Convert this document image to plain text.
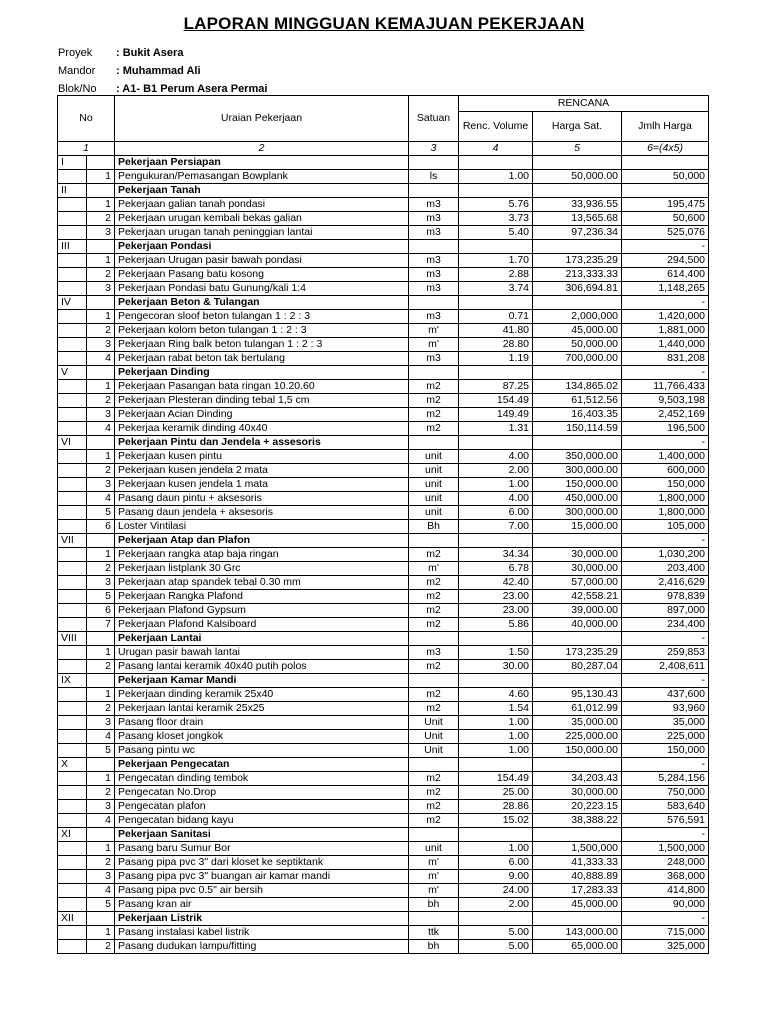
LAPORAN MINGGUAN KEMAJUAN PEKERJAAN
Proyek : Bukit Asera
Mandor : Muhammad Ali
Blok/No : A1- B1 Perum Asera Permai
No		Uraian Pekerjaan	Satuan	RENCANA		
				Renc. Volume	Harga Sat.	Jmlh Harga
1		2	3	4	5	6=(4x5)
I		Pekerjaan Persiapan				
	1	Pengukuran/Pemasangan Bowplank	ls	1.00	50,000.00	50,000
II		Pekerjaan Tanah				
	1	Pekerjaan galian tanah pondasi	m3	5.76	33,936.55	195,475
	2	Pekerjaan urugan kembali bekas galian	m3	3.73	13,565.68	50,600
	3	Pekerjaan urugan tanah peninggian lantai	m3	5.40	97,236.34	525,076
III		Pekerjaan Pondasi				-
	1	Pekerjaan Urugan pasir bawah pondasi	m3	1.70	173,235.29	294,500
	2	Pekerjaan Pasang batu kosong	m3	2.88	213,333.33	614,400
	3	Pekerjaan Pondasi batu Gunung/kali 1:4	m3	3.74	306,694.81	1,148,265
IV		Pekerjaan Beton & Tulangan				-
	1	Pengecoran sloof beton tulangan 1 : 2 : 3	m3	0.71	2,000,000	1,420,000
	2	Pekerjaan kolom beton tulangan 1 : 2 : 3	m'	41.80	45,000.00	1,881,000
	3	Pekerjaan Ring balk beton tulangan 1 : 2 : 3	m'	28.80	50,000.00	1,440,000
	4	Pekerjaan rabat beton tak bertulang	m3	1.19	700,000.00	831,208
V		Pekerjaan Dinding				-
	1	Pekerjaan Pasangan bata ringan 10.20.60	m2	87.25	134,865.02	11,766,433
	2	Pekerjaan Plesteran dinding tebal 1,5 cm	m2	154.49	61,512.56	9,503,198
	3	Pekerjaan Acian Dinding	m2	149.49	16,403.35	2,452,169
	4	Pekerjaa keramik dinding 40x40	m2	1.31	150,114.59	196,500
VI		Pekerjaan Pintu dan Jendela + assesoris				-
	1	Pekerjaan kusen pintu	unit	4.00	350,000.00	1,400,000
	2	Pekerjaan kusen jendela 2 mata	unit	2.00	300,000.00	600,000
	3	Pekerjaan kusen jendela 1 mata	unit	1.00	150,000.00	150,000
	4	Pasang daun pintu + aksesoris	unit	4.00	450,000.00	1,800,000
	5	Pasang daun jendela + aksesoris	unit	6.00	300,000.00	1,800,000
	6	Loster Vintilasi	Bh	7.00	15,000.00	105,000
VII		Pekerjaan Atap dan Plafon				-
	1	Pekerjaan rangka atap baja ringan	m2	34.34	30,000.00	1,030,200
	2	Pekerjaan listplank 30 Grc	m'	6.78	30,000.00	203,400
	3	Pekerjaan atap spandek tebal 0.30 mm	m2	42.40	57,000.00	2,416,629
	5	Pekerjaan Rangka Plafond	m2	23.00	42,558.21	978,839
	6	Pekerjaan Plafond Gypsum	m2	23.00	39,000.00	897,000
	7	Pekerjaan Plafond Kalsiboard	m2	5.86	40,000.00	234,400
VIII		Pekerjaan Lantai				-
	1	Urugan pasir bawah lantai	m3	1.50	173,235.29	259,853
	2	Pasang lantai keramik 40x40 putih polos	m2	30.00	80,287.04	2,408,611
IX		Pekerjaan Kamar Mandi				-
	1	Pekerjaan dinding keramik 25x40	m2	4.60	95,130.43	437,600
	2	Pekerjaan lantai keramik 25x25	m2	1.54	61,012.99	93,960
	3	Pasang floor drain	Unit	1.00	35,000.00	35,000
	4	Pasang kloset jongkok	Unit	1.00	225,000.00	225,000
	5	Pasang pintu wc	Unit	1.00	150,000.00	150,000
X		Pekerjaan Pengecatan				-
	1	Pengecatan dinding tembok	m2	154.49	34,203.43	5,284,156
	2	Pengecatan No.Drop	m2	25.00	30,000.00	750,000
	3	Pengecatan plafon	m2	28.86	20,223.15	583,640
	4	Pengecatan bidang kayu	m2	15.02	38,388.22	576,591
XI		Pekerjaan Sanitasi				-
	1	Pasang baru Sumur Bor	unit	1.00	1,500,000	1,500,000
	2	Pasang pipa pvc 3" dari kloset ke septiktank	m'	6.00	41,333.33	248,000
	3	Pasang pipa pvc 3" buangan air kamar mandi	m'	9.00	40,888.89	368,000
	4	Pasang pipa pvc 0.5" air bersih	m'	24.00	17,283.33	414,800
	5	Pasang kran air	bh	2.00	45,000.00	90,000
XII		Pekerjaan Listrik				-
	1	Pasang instalasi kabel listrik	ttk	5.00	143,000.00	715,000
	2	Pasang dudukan lampu/fitting	bh	5.00	65,000.00	325,000
